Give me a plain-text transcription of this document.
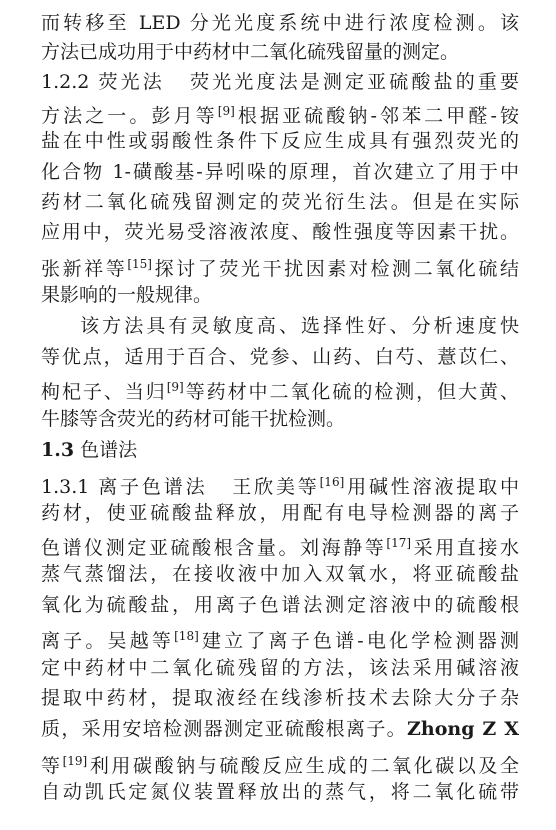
而转移至 LED 分光光度系统中进行浓度检测。该
方法已成功用于中药材中二氧化硫残留量的测定。
1.2.2 荧光法 荧光光度法是测定亚硫酸盐的重要
方法之一。彭月等[9]根据亚硫酸钠-邻苯二甲醛-铵
盐在中性或弱酸性条件下反应生成具有强烈荧光的
化合物 1-磺酸基-异吲哚的原理，首次建立了用于中
药材二氧化硫残留测定的荧光衍生法。但是在实际
应用中，荧光易受溶液浓度、酸性强度等因素干扰。
张新祥等[15]探讨了荧光干扰因素对检测二氧化硫结
果影响的一般规律。
该方法具有灵敏度高、选择性好、分析速度快
等优点，适用于百合、党参、山药、白芍、薏苡仁、
枸杞子、当归[9]等药材中二氧化硫的检测，但大黄、
牛膝等含荧光的药材可能干扰检测。
1.3 色谱法
1.3.1 离子色谱法 王欣美等[16]用碱性溶液提取中
药材，使亚硫酸盐释放，用配有电导检测器的离子
色谱仪测定亚硫酸根含量。刘海静等[17]采用直接水
蒸气蒸馏法，在接收液中加入双氧水，将亚硫酸盐
氧化为硫酸盐，用离子色谱法测定溶液中的硫酸根
离子。吴越等[18]建立了离子色谱-电化学检测器测
定中药材中二氧化硫残留的方法，该法采用碱溶液
提取中药材，提取液经在线渗析技术去除大分子杂
质，采用安培检测器测定亚硫酸根离子。Zhong Z X
等[19]利用碳酸钠与硫酸反应生成的二氧化碳以及全
自动凯氏定氮仪装置释放出的蒸气，将二氧化硫带
